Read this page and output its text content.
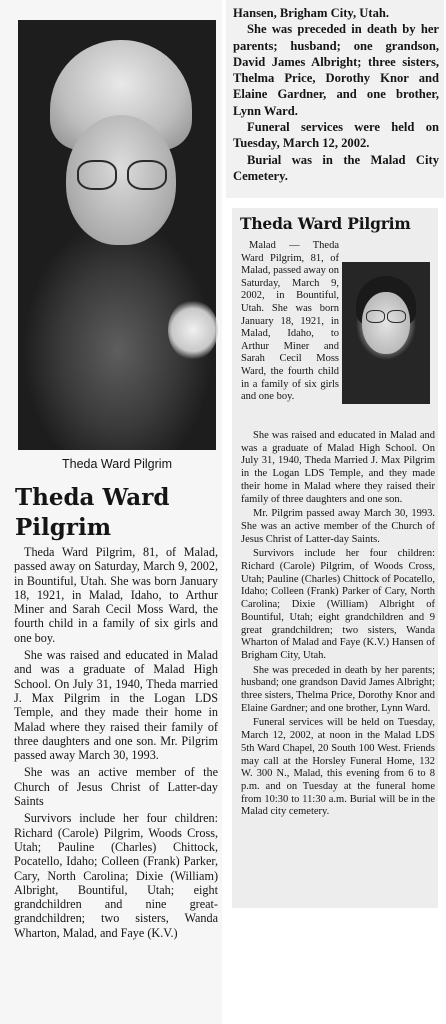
Theda Ward Pilgrim
Theda Ward
Pilgrim

Theda Ward Pilgrim, 81, of Malad, passed away on Saturday, March 9, 2002, in Bountiful, Utah. She was born January 18, 1921, in Malad, Idaho, to Arthur Miner and Sarah Cecil Moss Ward, the fourth child in a family of six girls and one boy.

She was raised and educated in Malad and was a graduate of Malad High School. On July 31, 1940, Theda married J. Max Pilgrim in the Logan LDS Temple, and they made their home in Malad where they raised their family of three daughters and one son. Mr. Pilgrim passed away March 30, 1993.

She was an active member of the Church of Jesus Christ of Latter-day Saints

Survivors include her four children: Richard (Carole) Pilgrim, Woods Cross, Utah; Pauline (Charles) Chittock, Pocatello, Idaho; Colleen (Frank) Parker, Cary, North Carolina; Dixie (William) Albright, Bountiful, Utah; eight grandchildren and nine great-grandchildren; two sisters, Wanda Wharton, Malad, and Faye (K.V.)

Hansen, Brigham City, Utah.

She was preceded in death by her parents; husband; one grandson, David James Albright; three sisters, Thelma Price, Dorothy Knor and Elaine Gardner, and one brother, Lynn Ward.

Funeral services were held on Tuesday, March 12, 2002.

Burial was in the Malad City Cemetery.

Theda Ward Pilgrim

Malad — Theda Ward Pilgrim, 81, of Malad, passed away on Saturday, March 9, 2002, in Bountiful, Utah. She was born January 18, 1921, in Malad, Idaho, to Arthur Miner and Sarah Cecil Moss Ward, the fourth child in a family of six girls and one boy.

She was raised and educated in Malad and was a graduate of Malad High School. On July 31, 1940, Theda Married J. Max Pilgrim in the Logan LDS Temple, and they made their home in Malad where they raised their family of three daughters and one son.

Mr. Pilgrim passed away March 30, 1993. She was an active member of the Church of Jesus Christ of Latter-day Saints.

Survivors include her four children: Richard (Carole) Pilgrim, of Woods Cross, Utah; Pauline (Charles) Chittock of Pocatello, Idaho; Colleen (Frank) Parker of Cary, North Carolina; Dixie (William) Albright of Bountiful, Utah; eight grandchildren and 9 great grandchildren; two sisters, Wanda Wharton of Malad and Faye (K.V.) Hansen of Brigham City, Utah.

She was preceded in death by her parents; husband; one grandson David James Albright; three sisters, Thelma Price, Dorothy Knor and Elaine Gardner; and one brother, Lynn Ward.

Funeral services will be held on Tuesday, March 12, 2002, at noon in the Malad LDS 5th Ward Chapel, 20 South 100 West. Friends may call at the Horsley Funeral Home, 132 W. 300 N., Malad, this evening from 6 to 8 p.m. and on Tuesday at the funeral home from 10:30 to 11:30 a.m. Burial will be in the Malad city cemetery.
